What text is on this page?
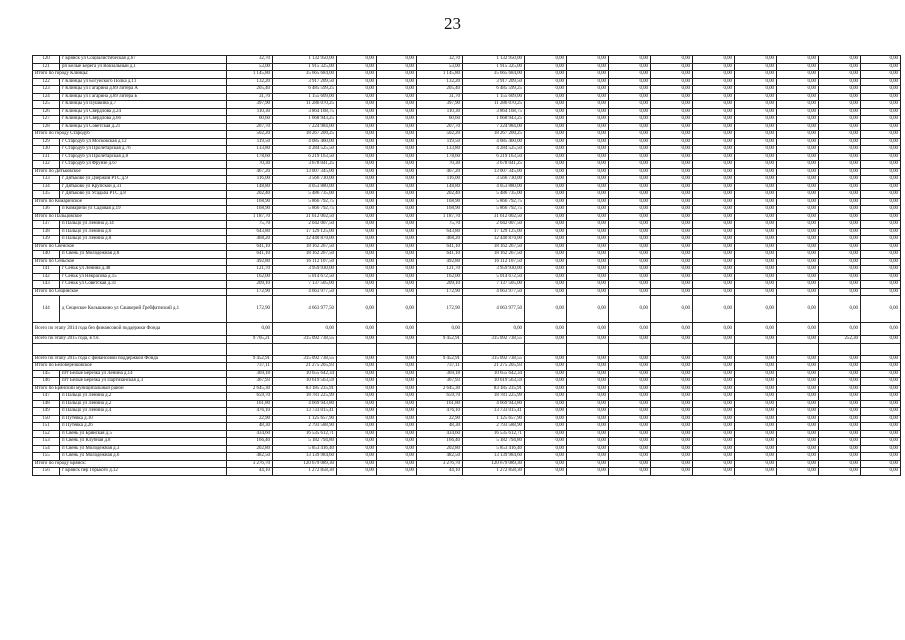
23
120	г Брянск ул Социалистическая д.67	32,70	1 132 950,00	0,00	0,00	32,70	1 132 950,00	0,00	0,00	0,00	0,00	0,00	0,00	0,00	0,00	0,00
121	рп Белые Берега ул Вокзальный д.1	53,00	1 915 325,00	0,00	0,00	53,00	1 915 325,00	0,00	0,00	0,00	0,00	0,00	0,00	0,00	0,00	0,00
Итого по городу Клинцы:		1 145,80	35 665 684,00	0,00	0,00	1 145,80	35 665 684,00	0,00	0,00	0,00	0,00	0,00	0,00	0,00	0,00	0,00
122	г Клинцы ул Богунского Полка д.11	132,20	3 917 209,50	0,00	0,00	132,20	3 917 209,50	0,00	0,00	0,00	0,00	0,00	0,00	0,00	0,00	0,00
123	г Клинцы ул Гагарина д.89 литера А	205,40	6 485 599,25	0,00	0,00	205,40	6 485 599,25	0,00	0,00	0,00	0,00	0,00	0,00	0,00	0,00	0,00
124	г Клинцы ул Гагарина д.89 литера Б	31,70	1 155 609,00	0,00	0,00	31,70	1 155 609,00	0,00	0,00	0,00	0,00	0,00	0,00	0,00	0,00	0,00
125	г Клинцы ул Пушкина д.7	397,90	11 286 070,25	0,00	0,00	397,90	11 286 070,25	0,00	0,00	0,00	0,00	0,00	0,00	0,00	0,00	0,00
126	г Клинцы ул Свердлова д.24	110,30	3 864 168,75	0,00	0,00	110,30	3 864 168,75	0,00	0,00	0,00	0,00	0,00	0,00	0,00	0,00	0,00
127	г Клинцы ул Свердлова д.66	60,60	1 668 943,25	0,00	0,00	60,60	1 668 943,25	0,00	0,00	0,00	0,00	0,00	0,00	0,00	0,00	0,00
128	г Клинцы ул Советская д.21	207,70	7 224 984,00	0,00	0,00	207,70	7 224 984,00	0,00	0,00	0,00	0,00	0,00	0,00	0,00	0,00	0,00
Итого по городу Стародуб		502,20	18 267 200,25	0,00	0,00	502,20	18 267 200,25	0,00	0,00	0,00	0,00	0,00	0,00	0,00	0,00	0,00
129	г Стародуб ул Московская д.12	119,50	4 085 460,00	0,00	0,00	119,50	4 085 460,00	0,00	0,00	0,00	0,00	0,00	0,00	0,00	0,00	0,00
130	г Стародуб ул Пролетарская д.76	133,80	4 284 525,50	0,00	0,00	133,80	4 284 525,50	0,00	0,00	0,00	0,00	0,00	0,00	0,00	0,00	0,00
131	г Стародуб ул Пролетарская д.8	178,60	6 219 163,50	0,00	0,00	178,60	6 219 163,50	0,00	0,00	0,00	0,00	0,00	0,00	0,00	0,00	0,00
132	г Стародуб ул Фрунзе д.67	70,30	3 678 041,25	0,00	0,00	70,30	3 678 041,25	0,00	0,00	0,00	0,00	0,00	0,00	0,00	0,00	0,00
Итого по Дятьковское		467,20	13 007 345,00	0,00	0,00	467,20	13 007 345,00	0,00	0,00	0,00	0,00	0,00	0,00	0,00	0,00	0,00
133	г Дятьково ул Дзержин РТС д.9	116,00	3 566 730,00	0,00	0,00	116,00	3 566 730,00	0,00	0,00	0,00	0,00	0,00	0,00	0,00	0,00	0,00
134	г Дятьково ул Крупской д.31	148,80	4 053 880,00	0,00	0,00	148,80	4 053 880,00	0,00	0,00	0,00	0,00	0,00	0,00	0,00	0,00	0,00
135	г Дятьково ул Усадьба РТС д.8	202,40	5 486 735,00	0,00	0,00	202,40	5 486 735,00	0,00	0,00	0,00	0,00	0,00	0,00	0,00	0,00	0,00
Итого по Комаричское		168,90	5 866 792,75	0,00	0,00	168,90	5 866 792,75	0,00	0,00	0,00	0,00	0,00	0,00	0,00	0,00	0,00
136	п Комаричи ул Садовая д.19	168,90	5 866 792,75	0,00	0,00	168,90	5 866 792,75	0,00	0,00	0,00	0,00	0,00	0,00	0,00	0,00	0,00
Итого по Пальцовское		1 187,70	31 612 002,50	0,00	0,00	1 187,70	31 612 002,50	0,00	0,00	0,00	0,00	0,00	0,00	0,00	0,00	0,00
137	п Пальцо ул Ленина д.14	75,70	2 042 007,50	0,00	0,00	75,70	2 042 007,50	0,00	0,00	0,00	0,00	0,00	0,00	0,00	0,00	0,00
138	п Пальцо ул Ленина д.6	643,80	17 129 125,00	0,00	0,00	643,80	17 129 125,00	0,00	0,00	0,00	0,00	0,00	0,00	0,00	0,00	0,00
139	п Пальцо ул Ленина д.8	468,20	12 440 870,00	0,00	0,00	468,20	12 440 870,00	0,00	0,00	0,00	0,00	0,00	0,00	0,00	0,00	0,00
Итого по Свенское		641,10	18 162 267,50	0,00	0,00	641,10	18 162 267,50	0,00	0,00	0,00	0,00	0,00	0,00	0,00	0,00	0,00
140	п Свень ул Молодежная д.8	641,10	18 162 267,50	0,00	0,00	641,10	18 162 267,50	0,00	0,00	0,00	0,00	0,00	0,00	0,00	0,00	0,00
Итого по Сеньское		492,80	16 112 107,50	0,00	0,00	492,80	16 112 107,50	0,00	0,00	0,00	0,00	0,00	0,00	0,00	0,00	0,00
141	г Сеньк ул Ленина д.48	121,70	3 959 930,00	0,00	0,00	121,70	3 959 930,00	0,00	0,00	0,00	0,00	0,00	0,00	0,00	0,00	0,00
142	г Сеньк ул Некрасова д.15	162,00	5 014 672,50	0,00	0,00	162,00	5 014 672,50	0,00	0,00	0,00	0,00	0,00	0,00	0,00	0,00	0,00
143	г Сеньк ул Советская д.31	209,10	7 137 505,00	0,00	0,00	209,10	7 137 505,00	0,00	0,00	0,00	0,00	0,00	0,00	0,00	0,00	0,00
Итого по Сещинское		172,90	4 663 977,50	0,00	0,00	172,90	4 663 977,50	0,00	0,00	0,00	0,00	0,00	0,00	0,00	0,00	0,00
144	д Сещнское Колышкино ул Сашкерий Гребфатиский д.1	172,90	4 663 977,50	0,00	0,00	172,90	4 663 977,50	0,00	0,00	0,00	0,00	0,00	0,00	0,00	0,00	0,00
Всего по этапу 2014 года без финансовой поддержки Фонда		0,00	0,00	0,00	0,00	0,00	0,00	0,00	0,00	0,00	0,00	0,00	0,00	0,00	0,00	0,00
Всего по этапу 2015 года, в т.ч.		9 705,21	315 092 738,55	0,00	0,00	9 452,91	315 092 738,55	0,00	0,00	0,00	0,00	0,00	0,00	0,00	252,30	0,00

Всего по этапу 2015 года с финансовой поддержкой Фонда		9 452,91	315 092 738,55	0,00	0,00	9 452,91	315 092 738,55	0,00	0,00	0,00	0,00	0,00	0,00	0,00	0,00	0,00
Итого по Белоберезковское		737,11	21 275 205,93	0,00	0,00	737,11	21 275 205,93	0,00	0,00	0,00	0,00	0,00	0,00	0,00	0,00	0,00
145	пгт Белые Березка ул Ленина д.14	369,18	10 655 642,34	0,00	0,00	369,18	10 655 642,34	0,00	0,00	0,00	0,00	0,00	0,00	0,00	0,00	0,00
146	пгт Белые Березка ул Партизанская д.3	367,93	10 619 563,59	0,00	0,00	367,93	10 619 563,59	0,00	0,00	0,00	0,00	0,00	0,00	0,00	0,00	0,00
Итого по Брянский муниципальный район		2 645,30	83 185 235,91	0,00	0,00	2 645,30	83 185 235,91	0,00	0,00	0,00	0,00	0,00	0,00	0,00	0,00	0,00
147	п Пальцо ул Ленина д.2	659,70	18 781 225,99	0,00	0,00	659,70	18 781 225,99	0,00	0,00	0,00	0,00	0,00	0,00	0,00	0,00	0,00
148	п Пальцо ул Ленина д.2	161,80	4 669 943,80	0,00	0,00	161,80	4 669 943,80	0,00	0,00	0,00	0,00	0,00	0,00	0,00	0,00	0,00
149	п Пальцо ул Ленина д.4	476,10	13 733 015,41	0,00	0,00	476,10	13 733 015,41	0,00	0,00	0,00	0,00	0,00	0,00	0,00	0,00	0,00
150	п Путевка д.10	22,90	1 125 657,90	0,00	0,00	22,90	1 125 657,90	0,00	0,00	0,00	0,00	0,00	0,00	0,00	0,00	0,00
151	п Путевка д.26	48,30	2 793 588,90	0,00	0,00	48,30	2 793 588,90	0,00	0,00	0,00	0,00	0,00	0,00	0,00	0,00	0,00
152	п Свень ул Брянская д.5	434,60	16 535 612,71	0,00	0,00	434,60	16 535 612,71	0,00	0,00	0,00	0,00	0,00	0,00	0,00	0,00	0,00
153	п Свень ул Клубная д.8	166,40	5 182 794,80	0,00	0,00	166,40	5 182 794,80	0,00	0,00	0,00	0,00	0,00	0,00	0,00	0,00	0,00
154	п Свень ул Молодежная д.3	202,80	5 853 416,40	0,00	0,00	202,80	5 853 416,40	0,00	0,00	0,00	0,00	0,00	0,00	0,00	0,00	0,00
155	п Свень ул Молодежная д.6	482,50	13 139 984,60	0,00	0,00	482,50	13 139 984,60	0,00	0,00	0,00	0,00	0,00	0,00	0,00	0,00	0,00
Итого по городу Брянск:		3 276,70	120 679 089,30	0,00	0,00	3 276,70	120 679 089,30	0,00	0,00	0,00	0,00	0,00	0,00	0,00	0,00	0,00
156	г Брянск пер Горького д.12	44,10	1 272 858,30	0,00	0,00	44,10	1 272 858,30	0,00	0,00	0,00	0,00	0,00	0,00	0,00	0,00	0,00
